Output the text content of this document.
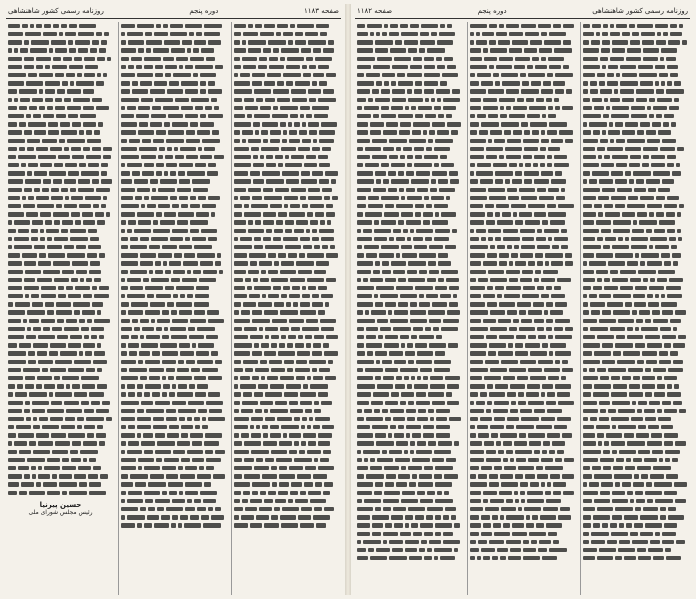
صفحه ۱۱۸۳
دوره پنجم
روزنامه رسمی کشور شاهنشاهی
حسین پیرنیا
رئیس مجلس شورای ملی
روزنامه رسمی کشور شاهنشاهی
دوره پنجم
صفحه ۱۱۸۲
